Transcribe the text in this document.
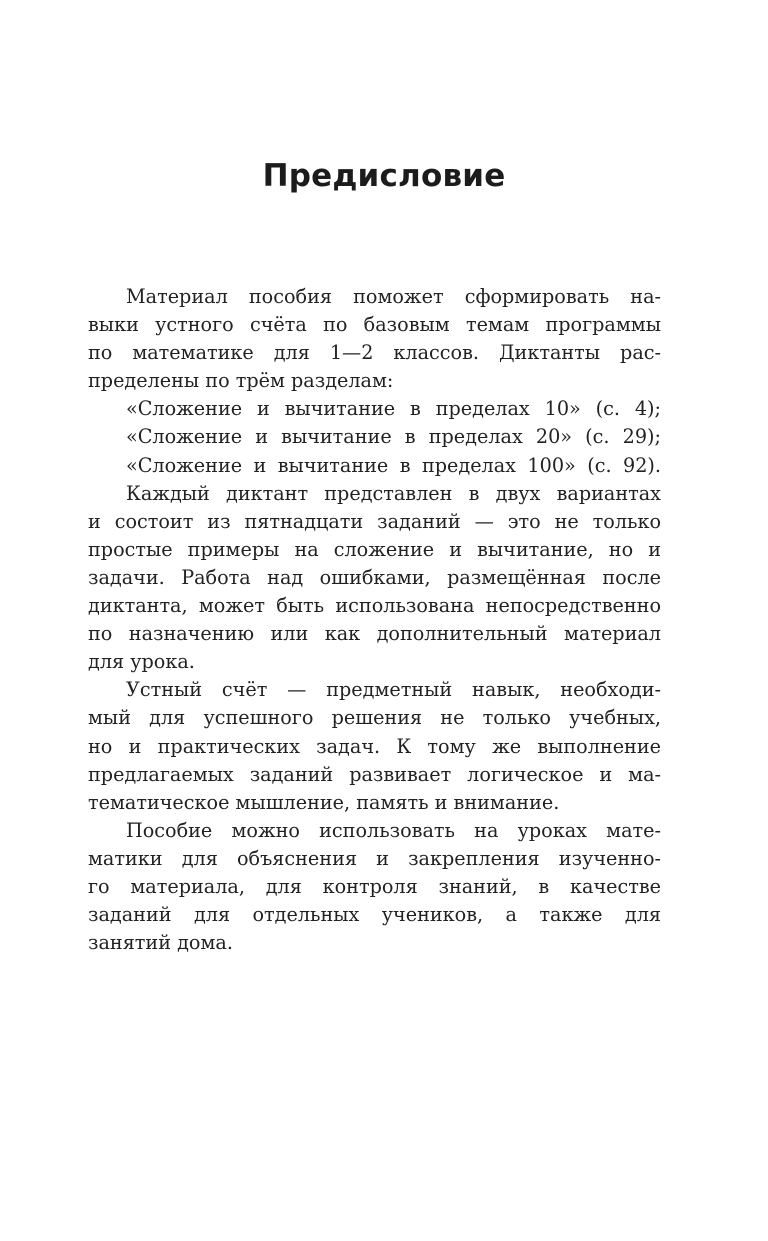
Предисловие
Материал пособия поможет сформировать на-
выки устного счёта по базовым темам программы
по математике для 1—2 классов. Диктанты рас-
пределены по трём разделам:
«Сложение и вычитание в пределах 10» (с. 4);
«Сложение и вычитание в пределах 20» (с. 29);
«Сложение и вычитание в пределах 100» (с. 92).
Каждый диктант представлен в двух вариантах
и состоит из пятнадцати заданий — это не только
простые примеры на сложение и вычитание, но и
задачи. Работа над ошибками, размещённая после
диктанта, может быть использована непосредственно
по назначению или как дополнительный материал
для урока.
Устный счёт — предметный навык, необходи-
мый для успешного решения не только учебных,
но и практических задач. К тому же выполнение
предлагаемых заданий развивает логическое и ма-
тематическое мышление, память и внимание.
Пособие можно использовать на уроках мате-
матики для объяснения и закрепления изученно-
го материала, для контроля знаний, в качестве
заданий для отдельных учеников, а также для
занятий дома.
